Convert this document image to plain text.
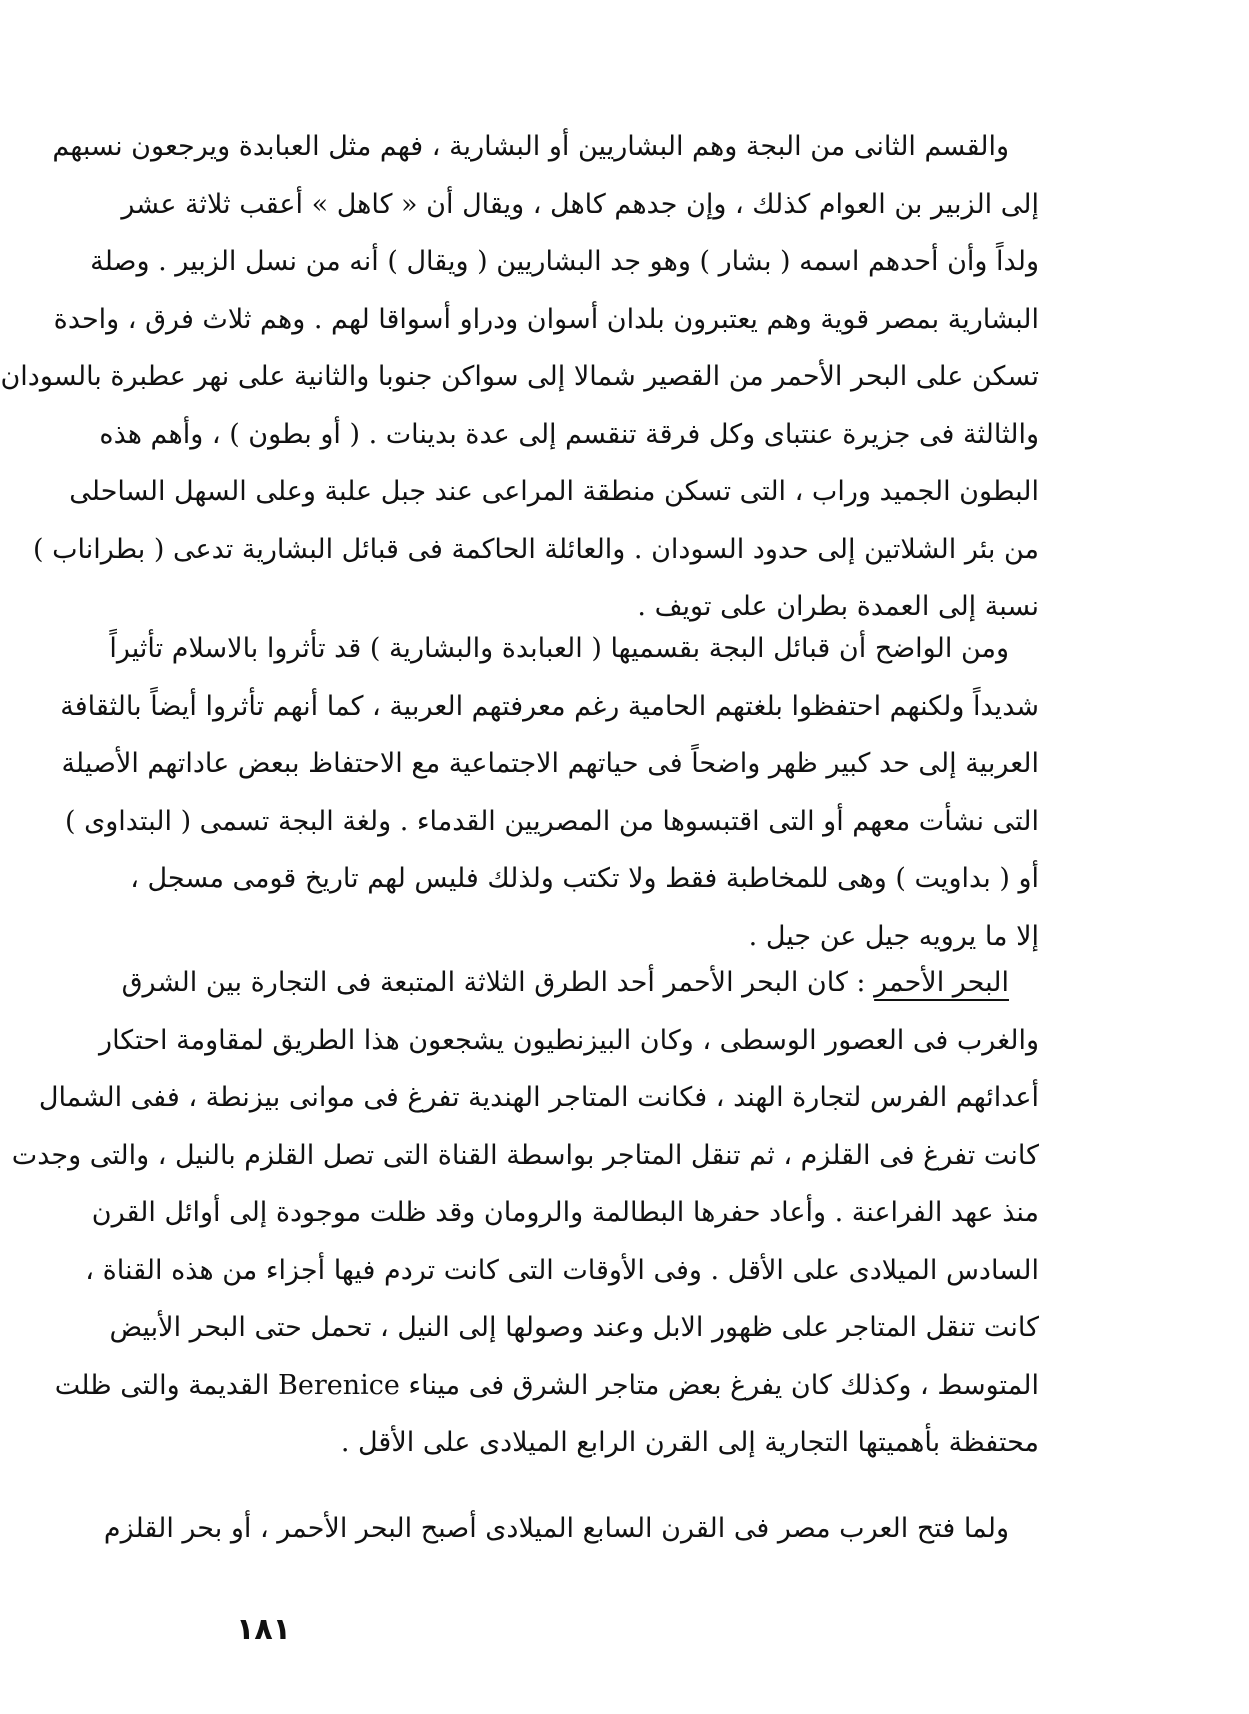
والقسم الثانى من البجة وهم البشاريين أو البشارية ، فهم مثل العبابدة ويرجعون نسبهم
إلى الزبير بن العوام كذلك ، وإن جدهم كاهل ، ويقال أن « كاهل » أعقب ثلاثة عشر
ولداً وأن أحدهم اسمه ( بشار ) وهو جد البشاريين ( ويقال ) أنه من نسل الزبير . وصلة
البشارية بمصر قوية وهم يعتبرون بلدان أسوان ودراو أسواقا لهم . وهم ثلاث فرق ، واحدة
تسكن على البحر الأحمر من القصير شمالا إلى سواكن جنوبا والثانية على نهر عطبرة بالسودان
والثالثة فى جزيرة عنتباى وكل فرقة تنقسم إلى عدة بدينات . ( أو بطون ) ، وأهم هذه
البطون الجميد وراب ، التى تسكن منطقة المراعى عند جبل علبة وعلى السهل الساحلى
من بئر الشلاتين إلى حدود السودان . والعائلة الحاكمة فى قبائل البشارية تدعى ( بطراناب )
نسبة إلى العمدة بطران على تويف .
ومن الواضح أن قبائل البجة بقسميها ( العبابدة والبشارية ) قد تأثروا بالاسلام تأثيراً
شديداً ولكنهم احتفظوا بلغتهم الحامية رغم معرفتهم العربية ، كما أنهم تأثروا أيضاً بالثقافة
العربية إلى حد كبير ظهر واضحاً فى حياتهم الاجتماعية مع الاحتفاظ ببعض عاداتهم الأصيلة
التى نشأت معهم أو التى اقتبسوها من المصريين القدماء . ولغة البجة تسمى ( البتداوى )
أو ( بداويت ) وهى للمخاطبة فقط ولا تكتب ولذلك فليس لهم تاريخ قومى مسجل ،
إلا ما يرويه جيل عن جيل .
البحر الأحمر : كان البحر الأحمر أحد الطرق الثلاثة المتبعة فى التجارة بين الشرق
والغرب فى العصور الوسطى ، وكان البيزنطيون يشجعون هذا الطريق لمقاومة احتكار
أعدائهم الفرس لتجارة الهند ، فكانت المتاجر الهندية تفرغ فى موانى بيزنطة ، ففى الشمال
كانت تفرغ فى القلزم ، ثم تنقل المتاجر بواسطة القناة التى تصل القلزم بالنيل ، والتى وجدت
منذ عهد الفراعنة . وأعاد حفرها البطالمة والرومان وقد ظلت موجودة إلى أوائل القرن
السادس الميلادى على الأقل . وفى الأوقات التى كانت تردم فيها أجزاء من هذه القناة ،
كانت تنقل المتاجر على ظهور الابل وعند وصولها إلى النيل ، تحمل حتى البحر الأبيض
المتوسط ، وكذلك كان يفرغ بعض متاجر الشرق فى ميناء Berenice القديمة والتى ظلت
محتفظة بأهميتها التجارية إلى القرن الرابع الميلادى على الأقل .
ولما فتح العرب مصر فى القرن السابع الميلادى أصبح البحر الأحمر ، أو بحر القلزم
١٨١
